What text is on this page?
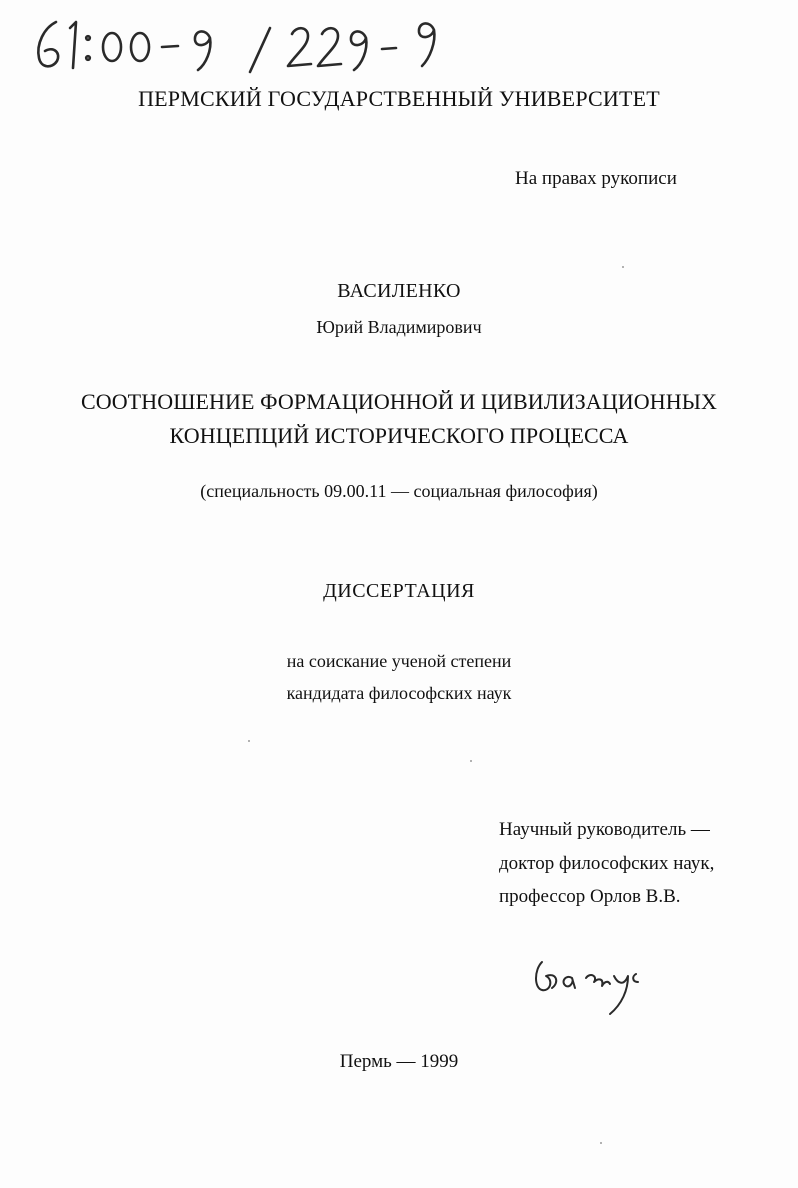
ПЕРМСКИЙ ГОСУДАРСТВЕННЫЙ УНИВЕРСИТЕТ
На правах рукописи
ВАСИЛЕНКО
Юрий Владимирович
СООТНОШЕНИЕ ФОРМАЦИОННОЙ И ЦИВИЛИЗАЦИОННЫХ
КОНЦЕПЦИЙ ИСТОРИЧЕСКОГО ПРОЦЕССА
(специальность 09.00.11 — социальная философия)
ДИССЕРТАЦИЯ
на соискание ученой степени
кандидата философских наук
Научный руководитель —
доктор философских наук,
профессор Орлов В.В.
Пермь — 1999
